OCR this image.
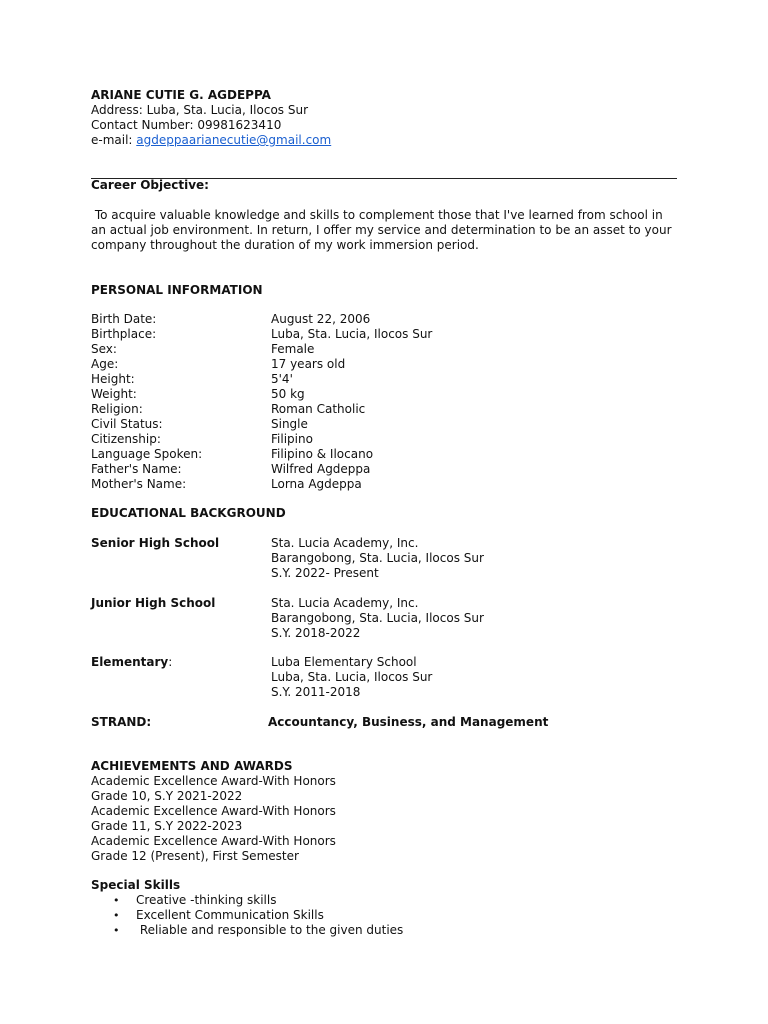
ARIANE CUTIE G. AGDEPPA
Address: Luba, Sta. Lucia, Ilocos Sur
Contact Number: 09981623410
e-mail: agdeppaarianecutie@gmail.com
Career Objective:
To acquire valuable knowledge and skills to complement those that I've learned from school in
an actual job environment. In return, I offer my service and determination to be an asset to your
company throughout the duration of my work immersion period.
PERSONAL INFORMATION
Birth Date:	August 22, 2006
Birthplace:	Luba, Sta. Lucia, Ilocos Sur
Sex:	Female
Age:	17 years old
Height:	5'4'
Weight:	50 kg
Religion:	Roman Catholic
Civil Status:	Single
Citizenship:	Filipino
Language Spoken:	Filipino & Ilocano
Father's Name:	Wilfred Agdeppa
Mother's Name:	Lorna Agdeppa
EDUCATIONAL BACKGROUND
Senior High School	Sta. Lucia Academy, Inc.
Barangobong, Sta. Lucia, Ilocos Sur
S.Y. 2022- Present
Junior High School	Sta. Lucia Academy, Inc.
Barangobong, Sta. Lucia, Ilocos Sur
S.Y. 2018-2022
Elementary:	Luba Elementary School
Luba, Sta. Lucia, Ilocos Sur
S.Y. 2011-2018
STRAND:	Accountancy, Business, and Management
ACHIEVEMENTS AND AWARDS
Academic Excellence Award-With Honors
Grade 10, S.Y 2021-2022
Academic Excellence Award-With Honors
Grade 11, S.Y 2022-2023
Academic Excellence Award-With Honors
Grade 12 (Present), First Semester
Special Skills
• Creative -thinking skills
• Excellent Communication Skills
• Reliable and responsible to the given duties
